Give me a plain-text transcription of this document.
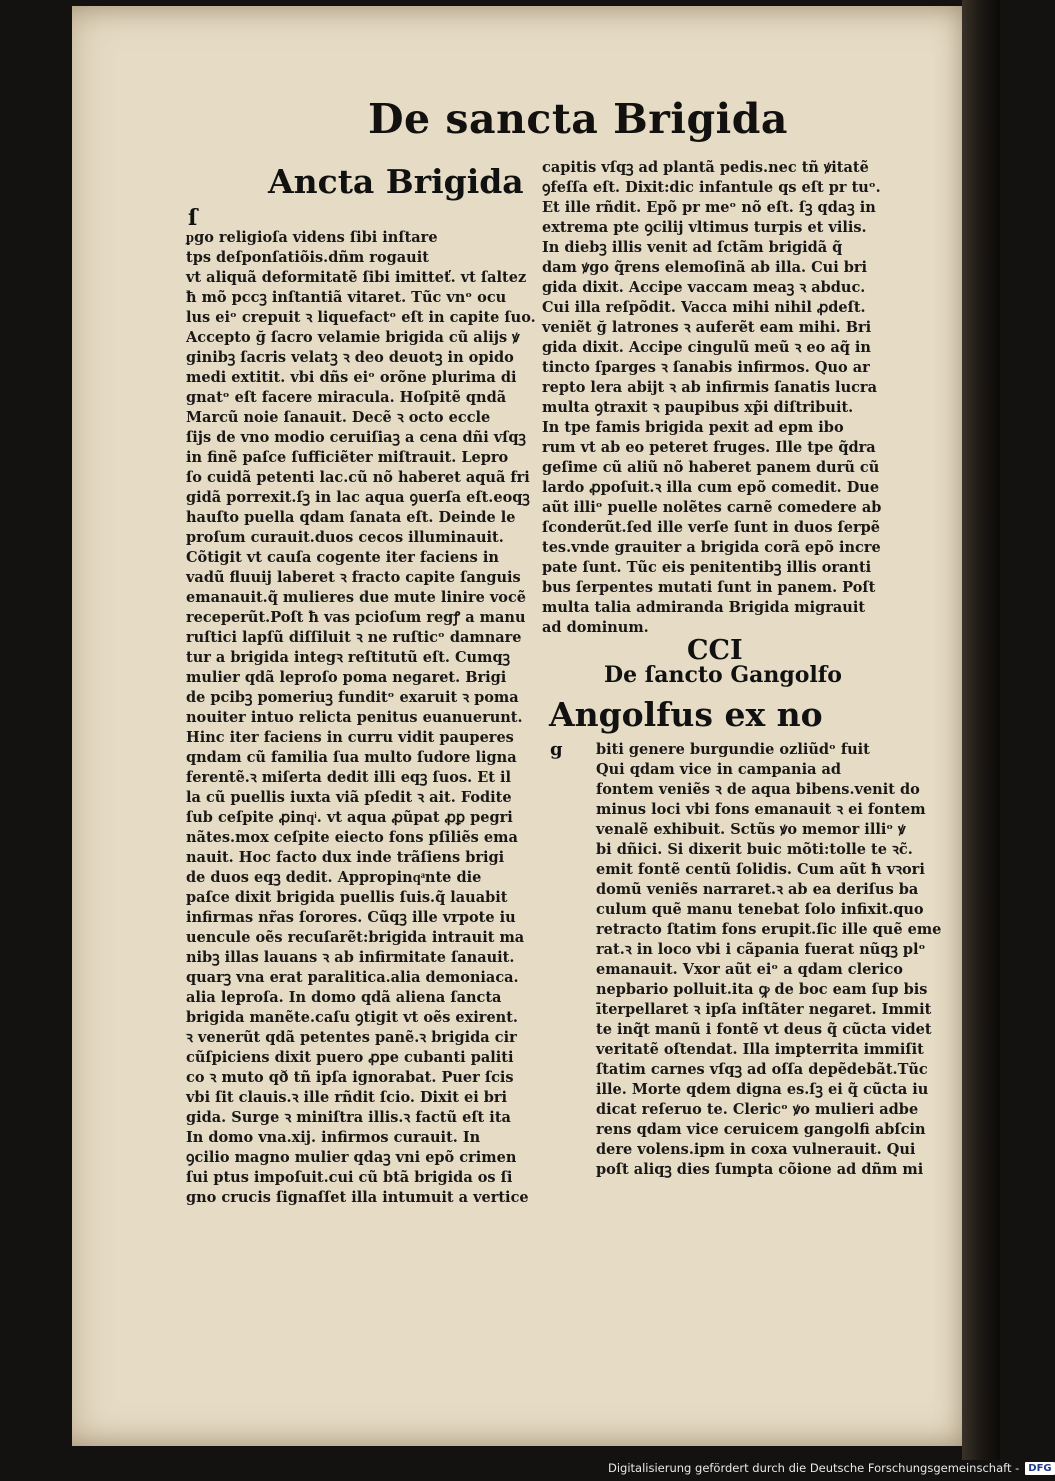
De sancta Brigida
Ancta Brigida
ſ
ᵱgo religioſa videns ſibi inſtare
tps deſponſatiõis.dñm rogauit
vt aliquã deformitatẽ ſibi imitteť. vt ſaltez
ħ mõ pccꝫ inſtantiã vitaret. Tũc vnᵒ ocu
lus eiᵒ crepuit ꝛ liquefactᵒ eſt in capite ſuo.
Accepto ğ ſacro velamie brigida cũ alijs ꝟ
ginibꝫ ſacris velatꝫ ꝛ deo deuotꝫ in opido
medi extitit. vbi dñs eiᵒ orõne plurima di
gnatᵒ eſt facere miracula. Hoſpitẽ qndã
Marcũ noie ſanauit. Decẽ ꝛ octo eccle
ſijs de vno modio ceruiſiaꝫ a cena dñi vſqꝫ
in finẽ paſce ſufficiẽter miſtrauit. Lepro
ſo cuidã petenti lac.cũ nõ haberet aquã fri
gidã porrexit.ſꝫ in lac aqua ꝯuerſa eſt.eoqꝫ
hauſto puella qdam ſanata eſt. Deinde le
proſum curauit.duos cecos illuminauit.
Cõtigit vt cauſa cogente iter faciens in
vadũ fluuij laberet ꝛ fracto capite ſanguis
emanauit.q̃ mulieres due mute linire vocẽ
receperũt.Poſt ħ vas pcioſum regꝭ a manu
ruſtici lapſũ diſſiluit ꝛ ne ruſticᵒ damnare
tur a brigida integꝛ reſtitutũ eſt. Cumqꝫ
mulier qdã leproſo poma negaret. Brigi
de pcibꝫ pomeriuꝫ funditᵒ exaruit ꝛ poma
nouiter intuo relicta penitus euanuerunt.
Hinc iter faciens in curru vidit pauperes
qndam cũ familia ſua multo ſudore ligna
ferentẽ.ꝛ miſerta dedit illi eqꝫ ſuos. Et il
la cũ puellis iuxta viã pſedit ꝛ ait. Fodite
ſub ceſpite ꝓinqͥ. vt aqua ꝓũpat ꝓꝑ pegri
nãtes.mox ceſpite eiecto fons pſiliẽs ema
nauit. Hoc facto dux inde trãſiens brigi
de duos eqꝫ dedit. Appropinqͣnte die
paſce dixit brigida puellis ſuis.q̃ lauabit
infirmas nr̃as ſorores. Cũqꝫ ille vrpote iu
uencule oẽs recuſarẽt:brigida intrauit ma
nibꝫ illas lauans ꝛ ab infirmitate ſanauit.
quarꝫ vna erat paralitica.alia demoniaca.
alia leproſa. In domo qdã aliena ſancta
brigida manẽte.caſu ꝯtigit vt oẽs exirent.
ꝛ venerũt qdã petentes panẽ.ꝛ brigida cir
cũſpiciens dixit puero ꝓpe cubanti paliti
co ꝛ muto qð tñ ipſa ignorabat. Puer ſcis
vbi ſit clauis.ꝛ ille rñdit ſcio. Dixit ei bri
gida. Surge ꝛ miniſtra illis.ꝛ factũ eſt ita
In domo vna.xij. infirmos curauit. In
ꝯcilio magno mulier qdaꝫ vni epõ crimen
ſui ptus impoſuit.cui cũ btã brigida os ſi
gno crucis ſignaſſet illa intumuit a vertice
capitis vſqꝫ ad plantã pedis.nec tñ ꝟitatẽ
ꝯfeſſa eſt. Dixit:dic infantule qs eſt pr tuᵒ.
Et ille rñdit. Epõ pr meᵒ nõ eſt. ſꝫ qdaꝫ in
extrema pte ꝯcilij vltimus turpis et vilis.
In diebꝫ illis venit ad ſctãm brigidã q̃
dam ꝟgo q̃rens elemoſinã ab illa. Cui bri
gida dixit. Accipe vaccam meaꝫ ꝛ abduc.
Cui illa reſpõdit. Vacca mihi nihil ꝓdeſt.
veniẽt ğ latrones ꝛ auferẽt eam mihi. Bri
gida dixit. Accipe cingulũ meũ ꝛ eo aq̃ in
tincto ſparges ꝛ ſanabis infirmos. Quo ar
repto lera abijt ꝛ ab infirmis ſanatis lucra
multa ꝯtraxit ꝛ paupibus xp̃i diſtribuit.
In tpe famis brigida pexit ad epm ibo
rum vt ab eo peteret fruges. Ille tpe q̃dra
geſime cũ aliũ nõ haberet panem durũ cũ
lardo ꝓpoſuit.ꝛ illa cum epõ comedit. Due
aũt illiᵒ puelle nolẽtes carnẽ comedere ab
ſconderũt.ſed ille verſe ſunt in duos ſerpẽ
tes.vnde grauiter a brigida corã epõ incre
pate ſunt. Tũc eis penitentibꝫ illis oranti
bus ſerpentes mutati ſunt in panem. Poſt
multa talia admiranda Brigida migrauit
ad dominum.
CCI
De ſancto Gangolfo
Angolfus ex no
g biti genere burgundie ozliũdᵒ fuit
Qui qdam vice in campania ad
fontem veniẽs ꝛ de aqua bibens.venit do
minus loci vbi fons emanauit ꝛ ei fontem
venalẽ exhibuit. Sctũs ꝟo memor illiᵒ ꝟ
bi dñici. Si dixerit buic mõti:tolle te ꝛc̃.
emit fontẽ centũ ſolidis. Cum aũt ħ vꝛori
domũ veniẽs narraret.ꝛ ab ea deriſus ba
culum quẽ manu tenebat ſolo infixit.quo
retracto ſtatim fons erupit.ſic ille quẽ eme
rat.ꝛ in loco vbi i cãpania fuerat nũqꝫ plᵒ
emanauit. Vxor aũt eiᵒ a qdam clerico
nepbario polluit.ita ꝙ de boc eam ſup bis
īterpellaret ꝛ ipſa inſtãter negaret. Immit
te inq̃t manũ i fontẽ vt deus q̃ cũcta videt
veritatẽ oſtendat. Illa impterrita immiſit
ſtatim carnes vſqꝫ ad oſſa depẽdebãt.Tũc
ille. Morte qdem digna es.ſꝫ ei q̃ cũcta iu
dicat reſeruo te. Clericᵒ ꝟo mulieri adbe
rens qdam vice ceruicem gangolfi abſcin
dere volens.ipm in coxa vulnerauit. Qui
poſt aliqꝫ dies ſumpta cõione ad dñm mi
Digitalisierung gefördert durch die Deutsche Forschungsgemeinschaft - DFG
